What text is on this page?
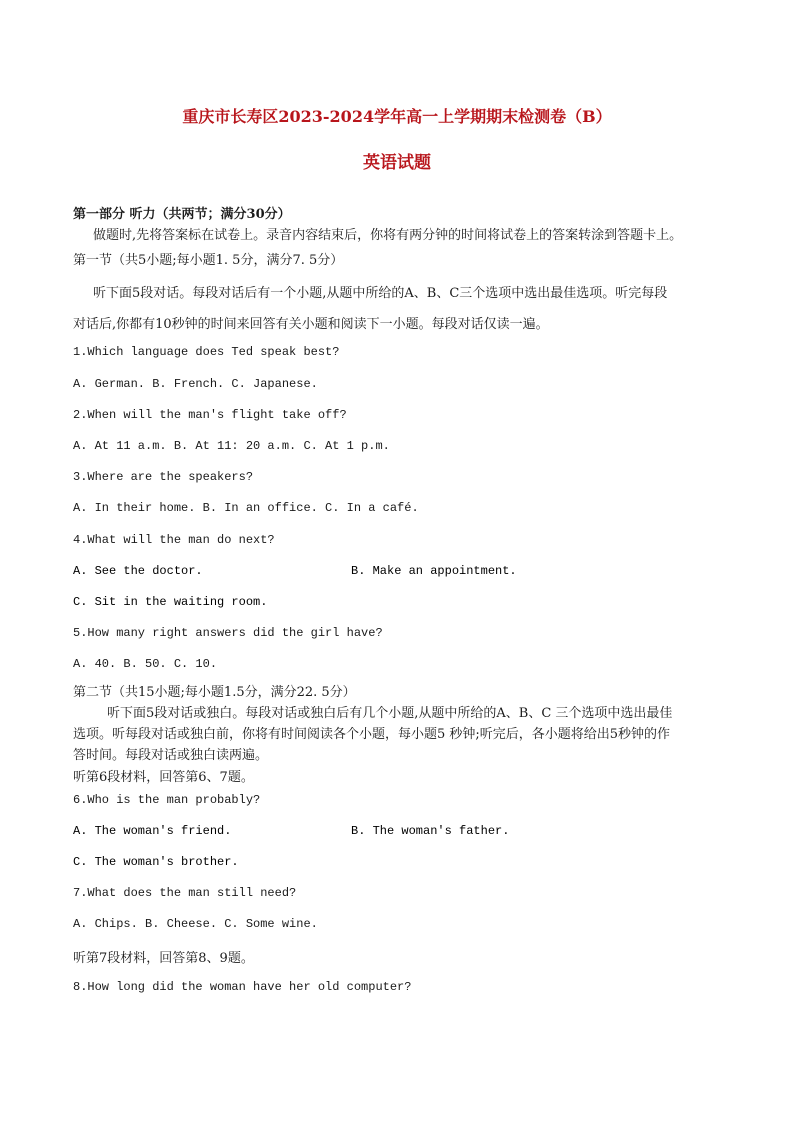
重庆市长寿区2023-2024学年高一上学期期末检测卷（B）
英语试题
第一部分 听力（共两节；满分30分）
做题时,先将答案标在试卷上。录音内容结束后，你将有两分钟的时间将试卷上的答案转涂到答题卡上。
第一节（共5小题;每小题1. 5分，满分7. 5分）
听下面5段对话。每段对话后有一个小题,从题中所给的A、B、C三个选项中选出最佳选项。听完每段
对话后,你都有10秒钟的时间来回答有关小题和阅读下一小题。每段对话仅读一遍。
1.Which language does Ted speak best?
A. German. B. French. C. Japanese.
2.When will the man's flight take off?
A. At 11 a.m. B. At 11: 20 a.m. C. At 1 p.m.
3.Where are the speakers?
A. In their home. B. In an office. C. In a café.
4.What will the man do next?
A. See the doctor.	B. Make an appointment.
C. Sit in the waiting room.
5.How many right answers did the girl have?
A. 40. B. 50. C. 10.
第二节（共15小题;每小题1.5分，满分22. 5分）
听下面5段对话或独白。每段对话或独白后有几个小题,从题中所给的A、B、C 三个选项中选出最佳
选项。听每段对话或独白前，你将有时间阅读各个小题，每小题5 秒钟;听完后，各小题将给出5秒钟的作
答时间。每段对话或独白读两遍。
听第6段材料，回答第6、7题。
6.Who is the man probably?
A. The woman's friend.	B. The woman's father.
C. The woman's brother.
7.What does the man still need?
A. Chips. B. Cheese. C. Some wine.
听第7段材料，回答第8、9题。
8.How long did the woman have her old computer?
